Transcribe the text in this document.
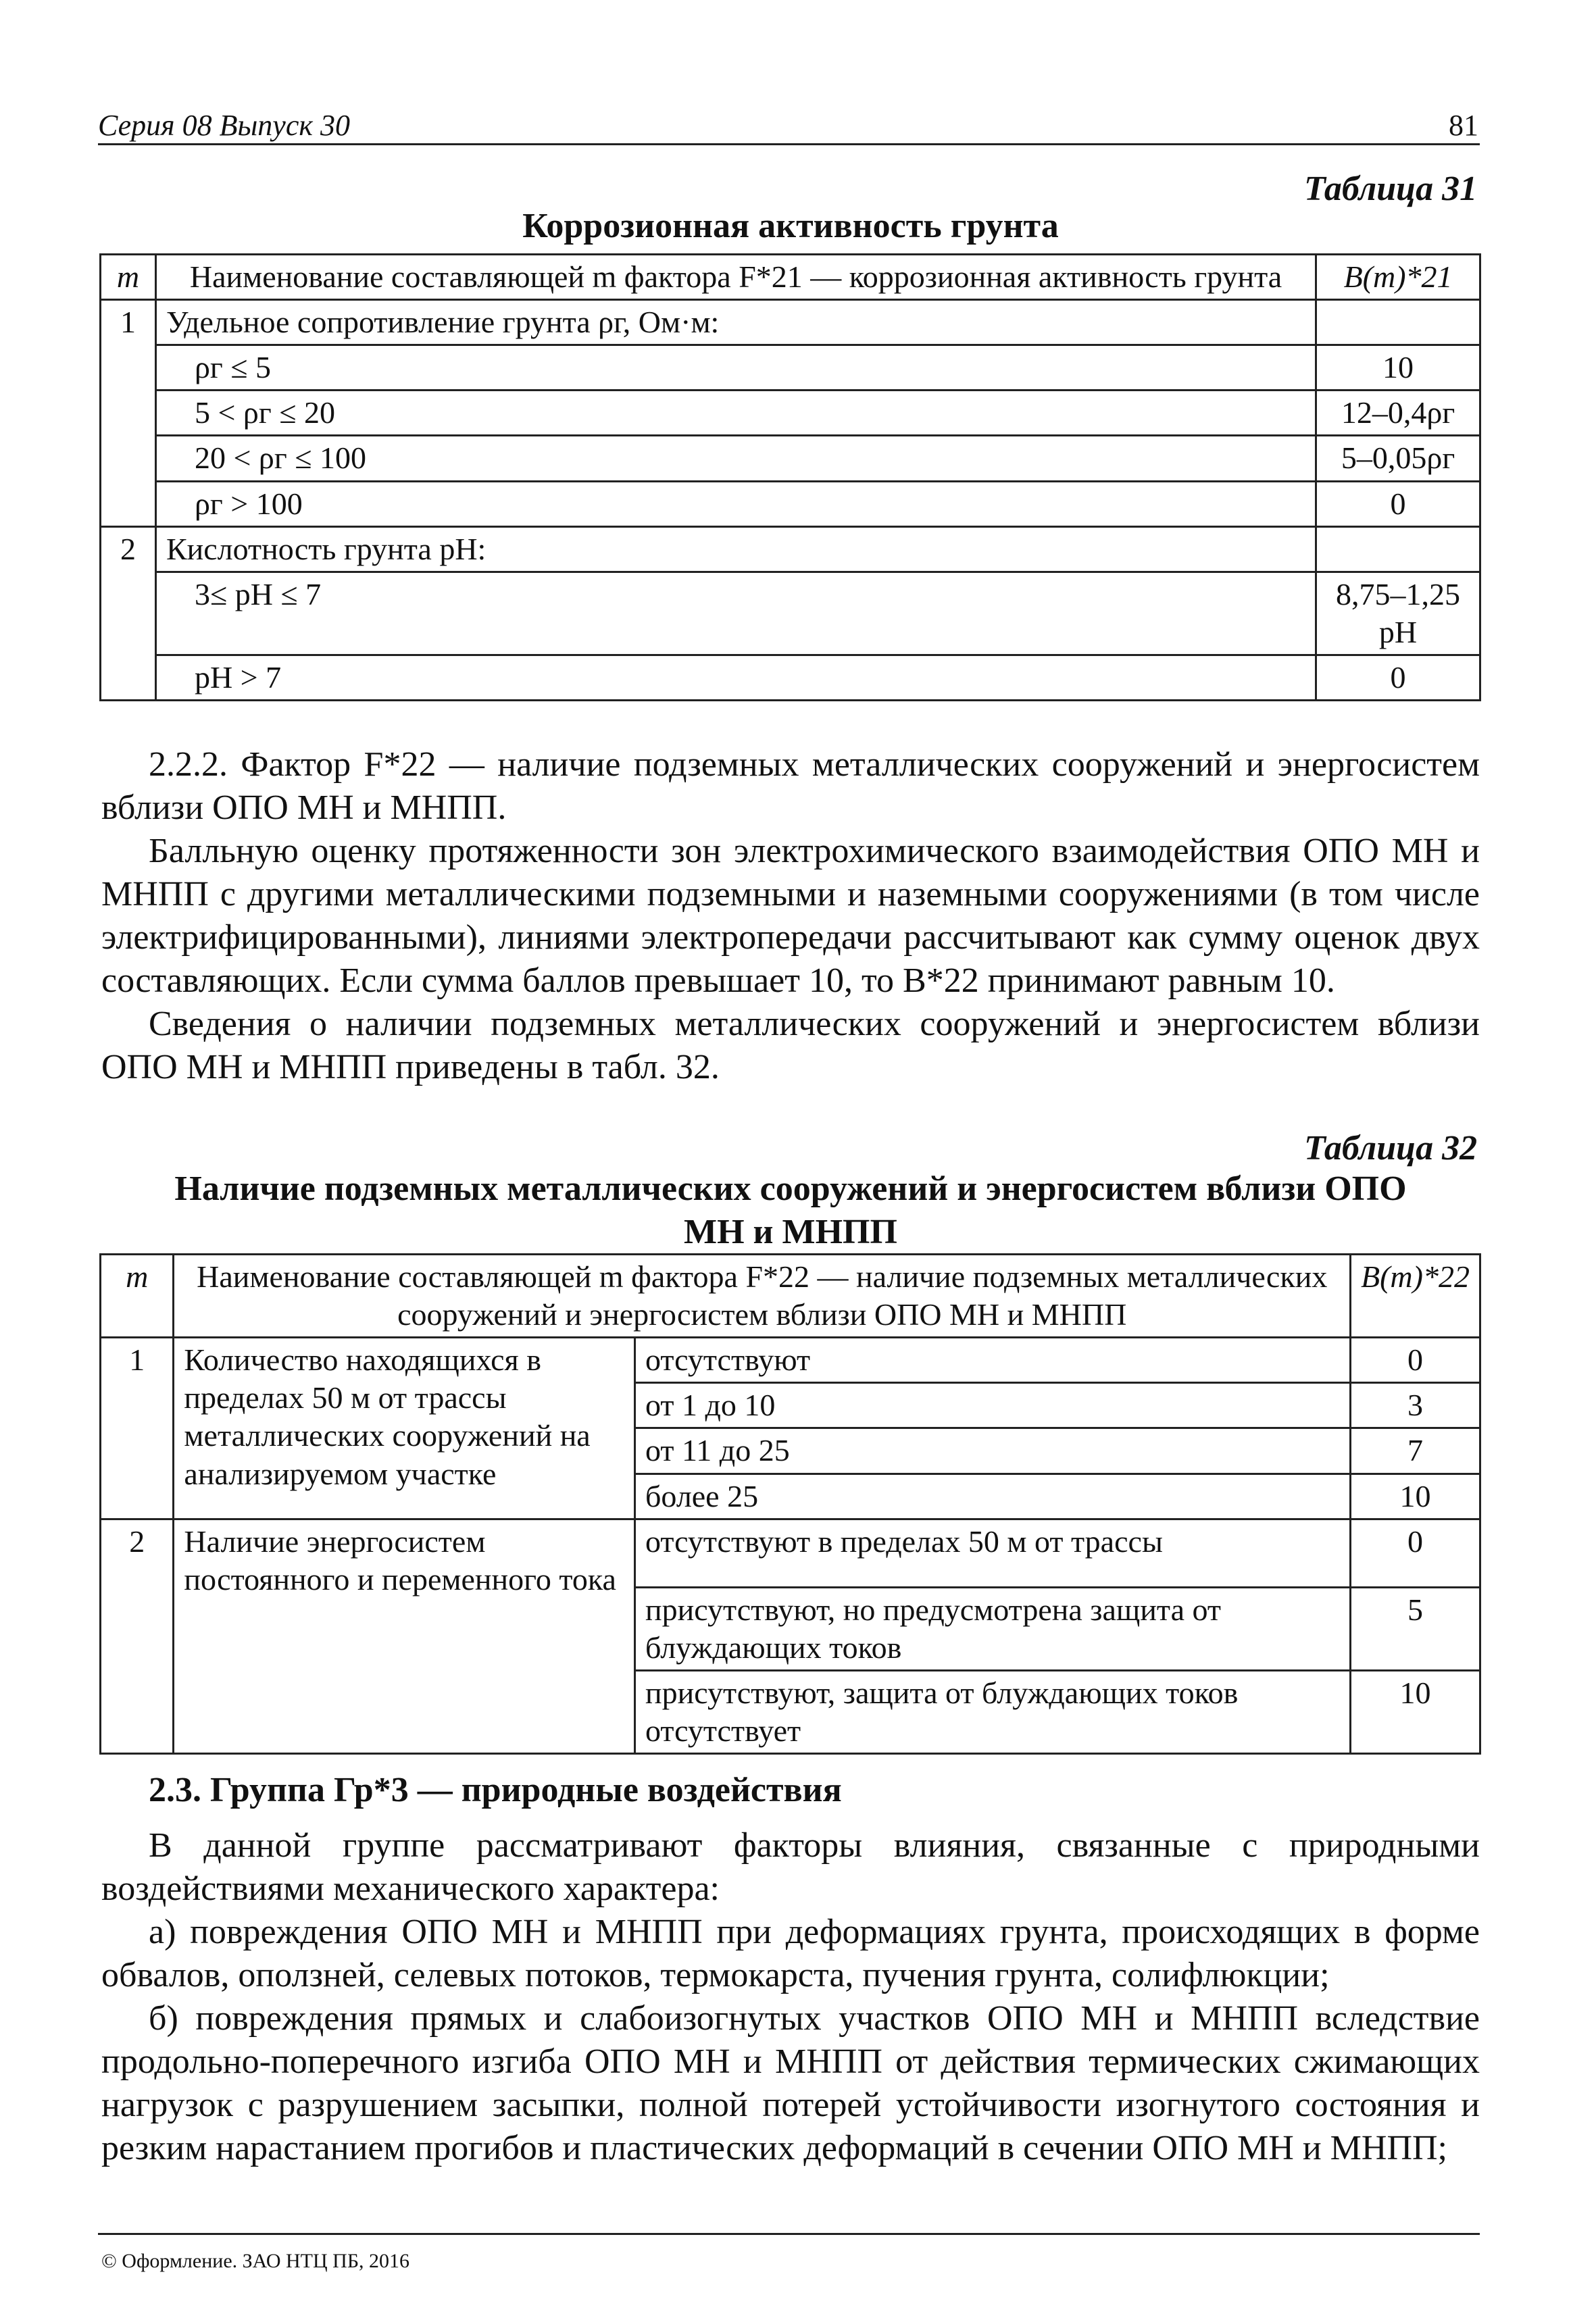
Серия 08 Выпуск 30	81
Таблица 31
Коррозионная активность грунта
m	Наименование составляющей m фактора F*21 — коррозионная активность грунта	B(m)*21
1	Удельное сопротивление грунта ρг, Ом·м:	
	ρг ≤ 5	10
	5 < ρг ≤ 20	12–0,4ρг
	20 < ρг ≤ 100	5–0,05ρг
	ρг > 100	0
2	Кислотность грунта pH:	
	3≤ pH ≤ 7	8,75–1,25 pH
	pH > 7	0

2.2.2. Фактор F*22 — наличие подземных металлических сооружений и энергосистем вблизи ОПО МН и МНПП.

Балльную оценку протяженности зон электрохимического взаимодействия ОПО МН и МНПП с другими металлическими подземными и наземными сооружениями (в том числе электрифицированными), линиями электропередачи рассчитывают как сумму оценок двух составляющих. Если сумма баллов превышает 10, то B*22 принимают равным 10.

Сведения о наличии подземных металлических сооружений и энергосистем вблизи ОПО МН и МНПП приведены в табл. 32.

Таблица 32
Наличие подземных металлических сооружений и энергосистем вблизи ОПО МН и МНПП
m	Наименование составляющей m фактора F*22 — наличие подземных металлических сооружений и энергосистем вблизи ОПО МН и МНПП		B(m)*22
1	Количество находящихся в пределах 50 м от трассы металлических сооружений на анализируемом участке	отсутствуют	0
		от 1 до 10	3
		от 11 до 25	7
		более 25	10
2	Наличие энергосистем постоянного и переменного тока	отсутствуют в пределах 50 м от трассы	0
		присутствуют, но предусмотрена защита от блуждающих токов	5
		присутствуют, защита от блуждающих токов отсутствует	10
2.3. Группа Гр*3 — природные воздействия

В данной группе рассматривают факторы влияния, связанные с природными воздействиями механического характера:

а) повреждения ОПО МН и МНПП при деформациях грунта, происходящих в форме обвалов, оползней, селевых потоков, термокарста, пучения грунта, солифлюкции;

б) повреждения прямых и слабоизогнутых участков ОПО МН и МНПП вследствие продольно-поперечного изгиба ОПО МН и МНПП от действия термических сжимающих нагрузок с разрушением засыпки, полной потерей устойчивости изогнутого состояния и резким нарастанием прогибов и пластических деформаций в сечении ОПО МН и МНПП;

© Оформление. ЗАО НТЦ ПБ, 2016
